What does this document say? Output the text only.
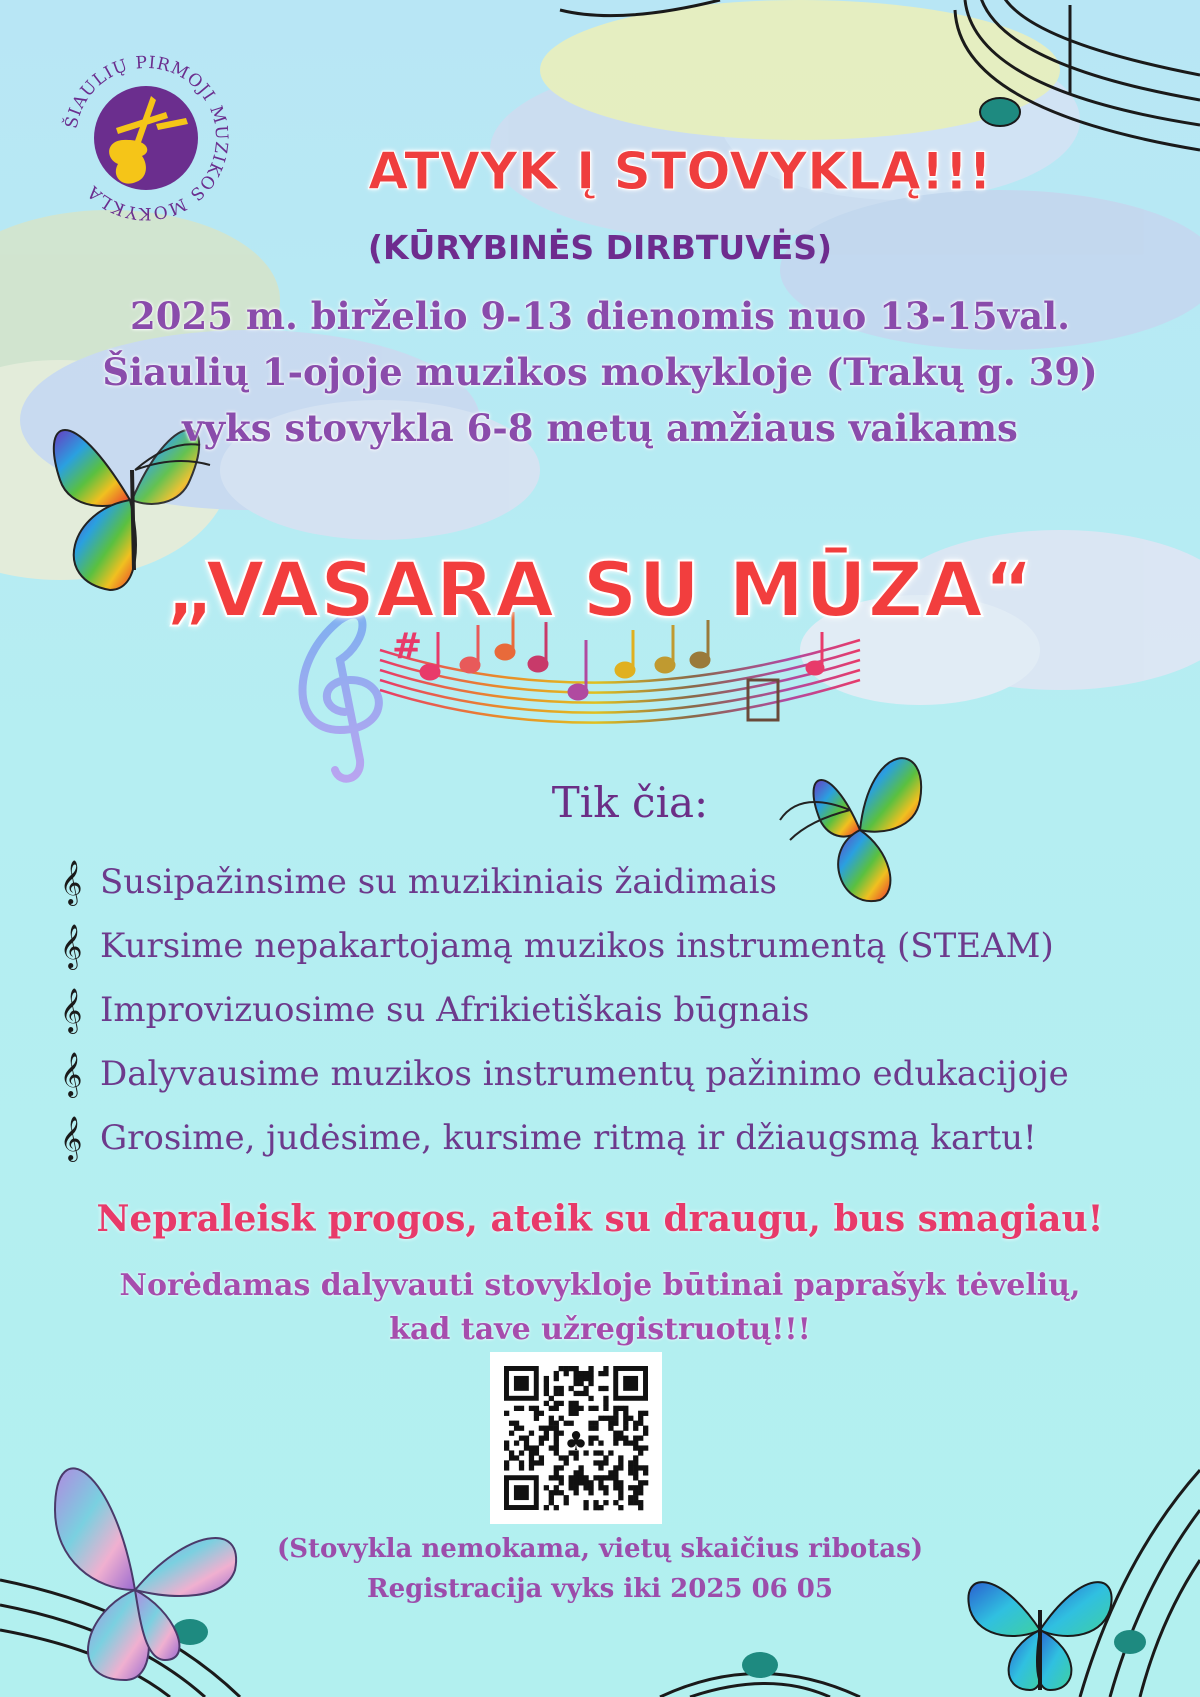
#
ŠIAULIŲ PIRMOJI MUZIKOS MOKYKLA	ATVYK Į STOVYKLĄ!!!
(KŪRYBINĖS DIRBTUVĖS)
2025 m. birželio 9-13 dienomis nuo 13-15val.
Šiaulių 1-ojoje muzikos mokykloje (Trakų g. 39)
vyks stovykla 6-8 metų amžiaus vaikams
„VASARA SU MŪZA“
Tik čia:
𝄞 Susipažinsime su muzikiniais žaidimais
𝄞 Kursime nepakartojamą muzikos instrumentą (STEAM)
𝄞 Improvizuosime su Afrikietiškais būgnais
𝄞 Dalyvausime muzikos instrumentų pažinimo edukacijoje
𝄞 Grosime, judėsime, kursime ritmą ir džiaugsmą kartu!
Nepraleisk progos, ateik su draugu, bus smagiau!
Norėdamas dalyvauti stovykloje būtinai paprašyk tėvelių,
kad tave užregistruotų!!!
♣
(Stovykla nemokama, vietų skaičius ribotas)
Registracija vyks iki 2025 06 05
